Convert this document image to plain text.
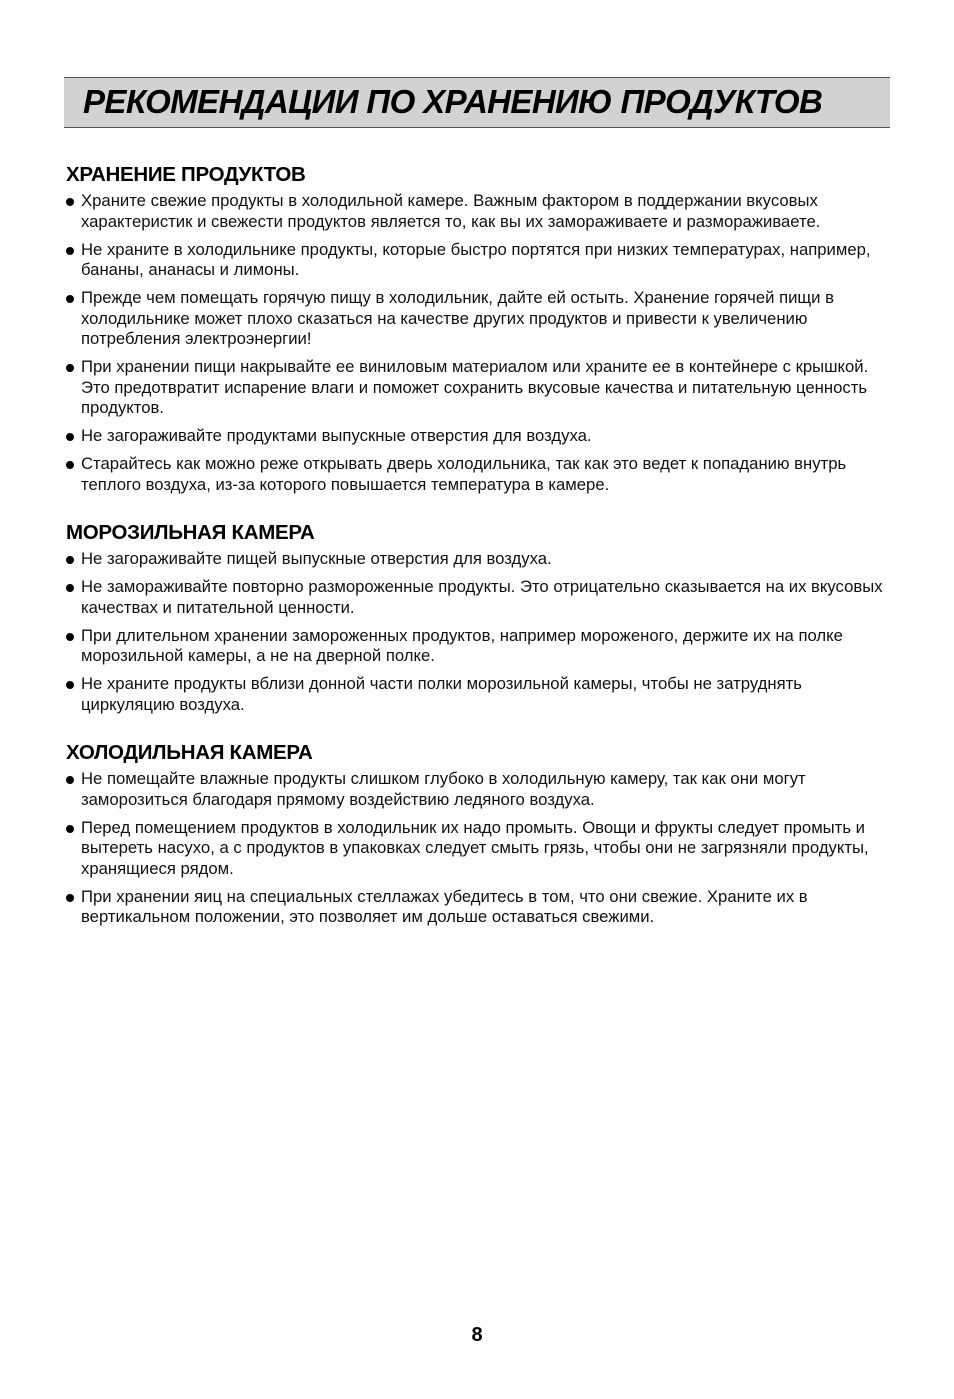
РЕКОМЕНДАЦИИ ПО ХРАНЕНИЮ ПРОДУКТОВ
ХРАНЕНИЕ ПРОДУКТОВ
Храните свежие продукты в холодильной камере. Важным фактором в поддержании вкусовых характеристик и свежести продуктов является то, как вы их замораживаете и размораживаете.
Не храните в холодильнике продукты, которые быстро портятся при низких температурах, например, бананы, ананасы и лимоны.
Прежде чем помещать горячую пищу в холодильник, дайте ей остыть. Хранение горячей пищи в холодильнике может плохо сказаться на качестве других продуктов и привести к увеличению потребления электроэнергии!
При хранении пищи накрывайте ее виниловым материалом или храните ее в контейнере с крышкой. Это предотвратит испарение влаги и поможет сохранить вкусовые качества и питательную ценность продуктов.
Не загораживайте продуктами выпускные отверстия для воздуха.
Старайтесь как можно реже открывать дверь холодильника, так как это ведет к попаданию внутрь теплого воздуха, из-за которого повышается температура в камере.
МОРОЗИЛЬНАЯ КАМЕРА
Не загораживайте пищей выпускные отверстия для воздуха.
Не замораживайте повторно размороженные продукты. Это отрицательно сказывается на их вкусовых качествах и питательной ценности.
При длительном хранении замороженных продуктов, например мороженого, держите их на полке морозильной камеры, а не на дверной полке.
Не храните продукты вблизи донной части полки морозильной камеры, чтобы не затруднять циркуляцию воздуха.
ХОЛОДИЛЬНАЯ КАМЕРА
Не помещайте влажные продукты слишком глубоко в холодильную камеру, так как они могут заморозиться благодаря прямому воздействию ледяного воздуха.
Перед помещением продуктов в холодильник их надо промыть. Овощи и фрукты следует промыть и вытереть насухо, а с продуктов в упаковках следует смыть грязь, чтобы они не загрязняли продукты, хранящиеся рядом.
При хранении яиц на специальных стеллажах убедитесь в том, что они свежие. Храните их в вертикальном положении, это позволяет им дольше оставаться свежими.
8
